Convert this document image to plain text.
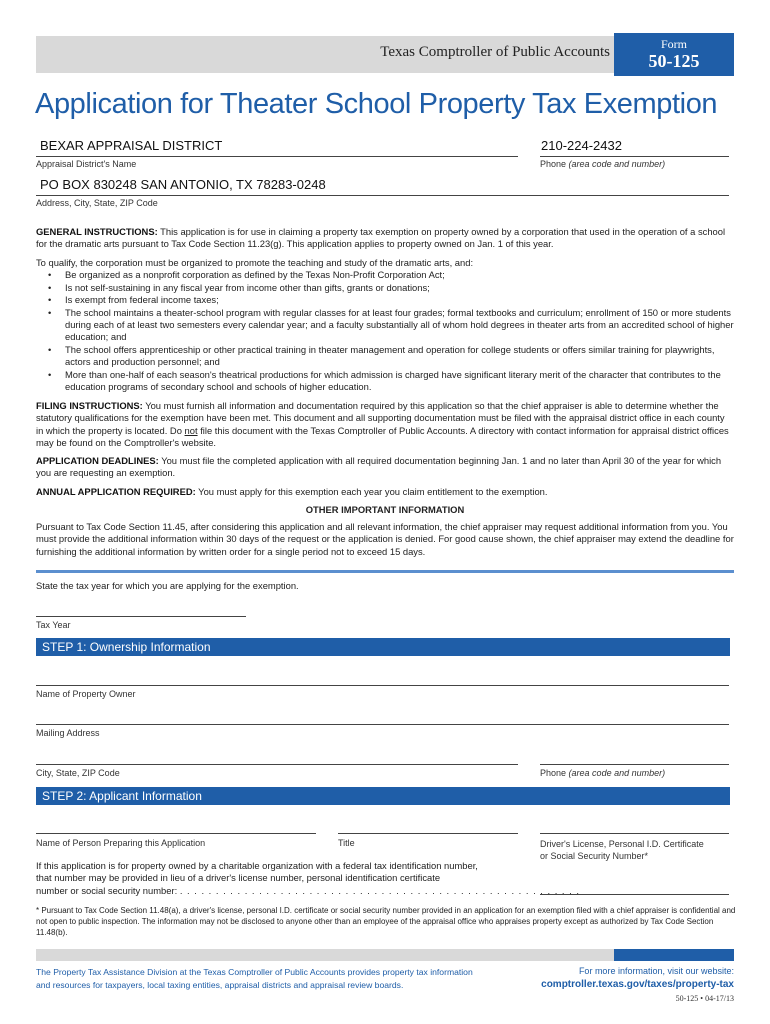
Texas Comptroller of Public Accounts	Form
50-125
Application for Theater School Property Tax Exemption
BEXAR APPRAISAL DISTRICT
Appraisal District's Name
210-224-2432
Phone (area code and number)
PO BOX 830248 SAN ANTONIO, TX 78283-0248
Address, City, State, ZIP Code
GENERAL INSTRUCTIONS: This application is for use in claiming a property tax exemption on property owned by a corporation that used in the operation of a school for the dramatic arts pursuant to Tax Code Section 11.23(g). This application applies to property owned on Jan. 1 of this year.
To qualify, the corporation must be organized to promote the teaching and study of the dramatic arts, and:
• Be organized as a nonprofit corporation as defined by the Texas Non-Profit Corporation Act;
• Is not self-sustaining in any fiscal year from income other than gifts, grants or donations;
• Is exempt from federal income taxes;
• The school maintains a theater-school program with regular classes for at least four grades; formal textbooks and curriculum; enrollment of 150 or more students during each of at least two semesters every calendar year; and a faculty substantially all of whom hold degrees in theater arts from an accredited school of higher education; and
• The school offers apprenticeship or other practical training in theater management and operation for college students or offers similar training for playwrights, actors and production personnel; and
• More than one-half of each season's theatrical productions for which admission is charged have significant literary merit of the character that contributes to the education programs of secondary school and schools of higher education.
FILING INSTRUCTIONS: You must furnish all information and documentation required by this application so that the chief appraiser is able to determine whether the statutory qualifications for the exemption have been met. This document and all supporting documentation must be filed with the appraisal district office in each county in which the property is located. Do not file this document with the Texas Comptroller of Public Accounts. A directory with contact information for appraisal district offices may be found on the Comptroller's website.
APPLICATION DEADLINES: You must file the completed application with all required documentation beginning Jan. 1 and no later than April 30 of the year for which you are requesting an exemption.
ANNUAL APPLICATION REQUIRED: You must apply for this exemption each year you claim entitlement to the exemption.
OTHER IMPORTANT INFORMATION
Pursuant to Tax Code Section 11.45, after considering this application and all relevant information, the chief appraiser may request additional information from you. You must provide the additional information within 30 days of the request or the application is denied. For good cause shown, the chief appraiser may extend the deadline for furnishing the additional information by written order for a single period not to exceed 15 days.
State the tax year for which you are applying for the exemption.
Tax Year
STEP 1: Ownership Information
Name of Property Owner
Mailing Address
City, State, ZIP Code	Phone (area code and number)
STEP 2: Applicant Information
Name of Person Preparing this Application	Title	Driver's License, Personal I.D. Certificate
or Social Security Number*
If this application is for property owned by a charitable organization with a federal tax identification number,
that number may be provided in lieu of a driver's license number, personal identification certificate
number or social security number: . . . . . . . . . . . . . . . . . . . . . . . . . . . . . . . . . . . . . . . . . . . . . . . . . . . . . . . .
* Pursuant to Tax Code Section 11.48(a), a driver's license, personal I.D. certificate or social security number provided in an application for an exemption filed with a chief appraiser is confidential and not open to public inspection. The information may not be disclosed to anyone other than an employee of the appraisal office who appraises property except as authorized by Tax Code Section 11.48(b).
The Property Tax Assistance Division at the Texas Comptroller of Public Accounts provides property tax information and resources for taxpayers, local taxing entities, appraisal districts and appraisal review boards.
For more information, visit our website:
comptroller.texas.gov/taxes/property-tax
50-125 • 04-17/13
